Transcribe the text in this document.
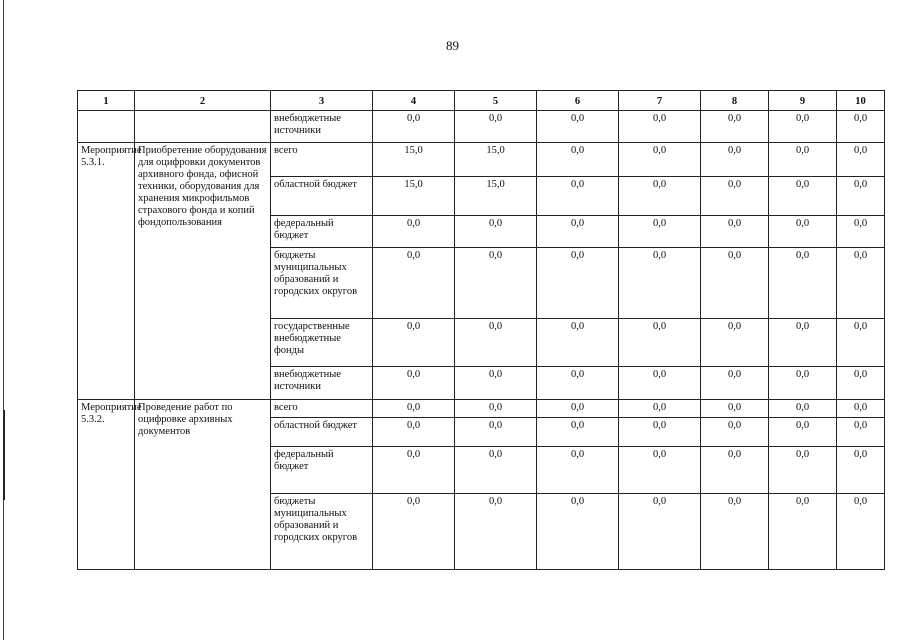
89
1	2	3	4	5	6	7	8	9	10
		внебюджетные источники	0,0	0,0	0,0	0,0	0,0	0,0	0,0
Мероприятие 5.3.1.	Приобретение оборудования для оцифровки документов архивного фонда, офисной техники, оборудования для хранения микрофильмов страхового фонда и копий фондопользования	всего	15,0	15,0	0,0	0,0	0,0	0,0	0,0
		областной бюджет	15,0	15,0	0,0	0,0	0,0	0,0	0,0
		федеральный бюджет	0,0	0,0	0,0	0,0	0,0	0,0	0,0
		бюджеты муниципальных образований и городских округов	0,0	0,0	0,0	0,0	0,0	0,0	0,0
		государственные внебюджетные фонды	0,0	0,0	0,0	0,0	0,0	0,0	0,0
		внебюджетные источники	0,0	0,0	0,0	0,0	0,0	0,0	0,0
Мероприятие 5.3.2.	Проведение работ по оцифровке архивных документов	всего	0,0	0,0	0,0	0,0	0,0	0,0	0,0
		областной бюджет	0,0	0,0	0,0	0,0	0,0	0,0	0,0
		федеральный бюджет	0,0	0,0	0,0	0,0	0,0	0,0	0,0
		бюджеты муниципальных образований и городских округов	0,0	0,0	0,0	0,0	0,0	0,0	0,0
